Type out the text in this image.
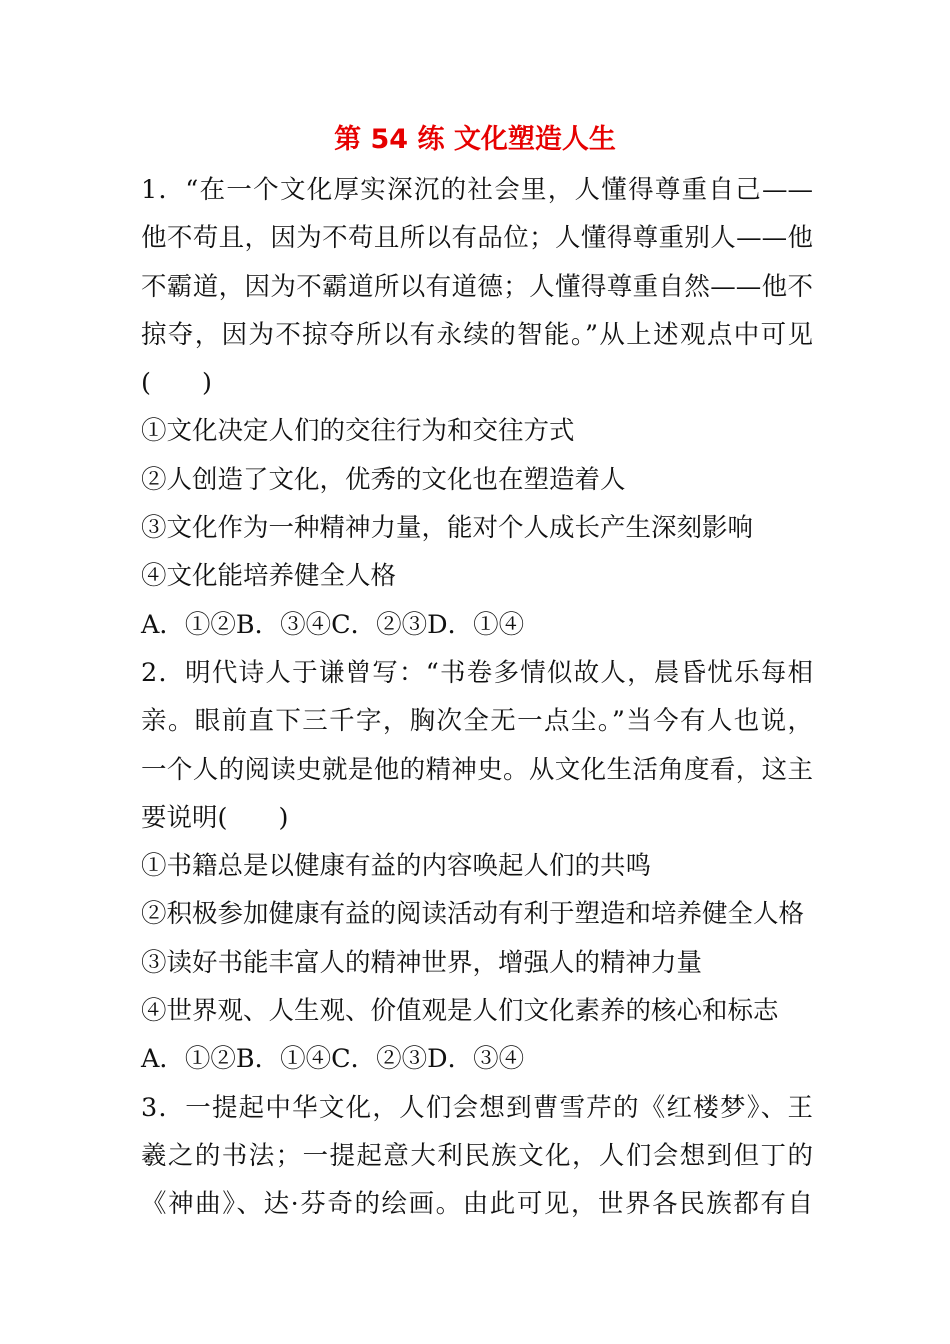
第 54 练 文化塑造人生
1．“在一个文化厚实深沉的社会里，人懂得尊重自己——
他不苟且，因为不苟且所以有品位；人懂得尊重别人——他
不霸道，因为不霸道所以有道德；人懂得尊重自然——他不
掠夺，因为不掠夺所以有永续的智能。”从上述观点中可见
(　　)
①文化决定人们的交往行为和交往方式
②人创造了文化，优秀的文化也在塑造着人
③文化作为一种精神力量，能对个人成长产生深刻影响
④文化能培养健全人格
A．①②B．③④C．②③D．①④
2．明代诗人于谦曾写：“书卷多情似故人，晨昏忧乐每相
亲。眼前直下三千字，胸次全无一点尘。”当今有人也说，
一个人的阅读史就是他的精神史。从文化生活角度看，这主
要说明(　　)
①书籍总是以健康有益的内容唤起人们的共鸣
②积极参加健康有益的阅读活动有利于塑造和培养健全人格
③读好书能丰富人的精神世界，增强人的精神力量
④世界观、人生观、价值观是人们文化素养的核心和标志
A．①②B．①④C．②③D．③④
3．一提起中华文化，人们会想到曹雪芹的《红楼梦》、王
羲之的书法；一提起意大利民族文化，人们会想到但丁的
《神曲》、达·芬奇的绘画。由此可见，世界各民族都有自
